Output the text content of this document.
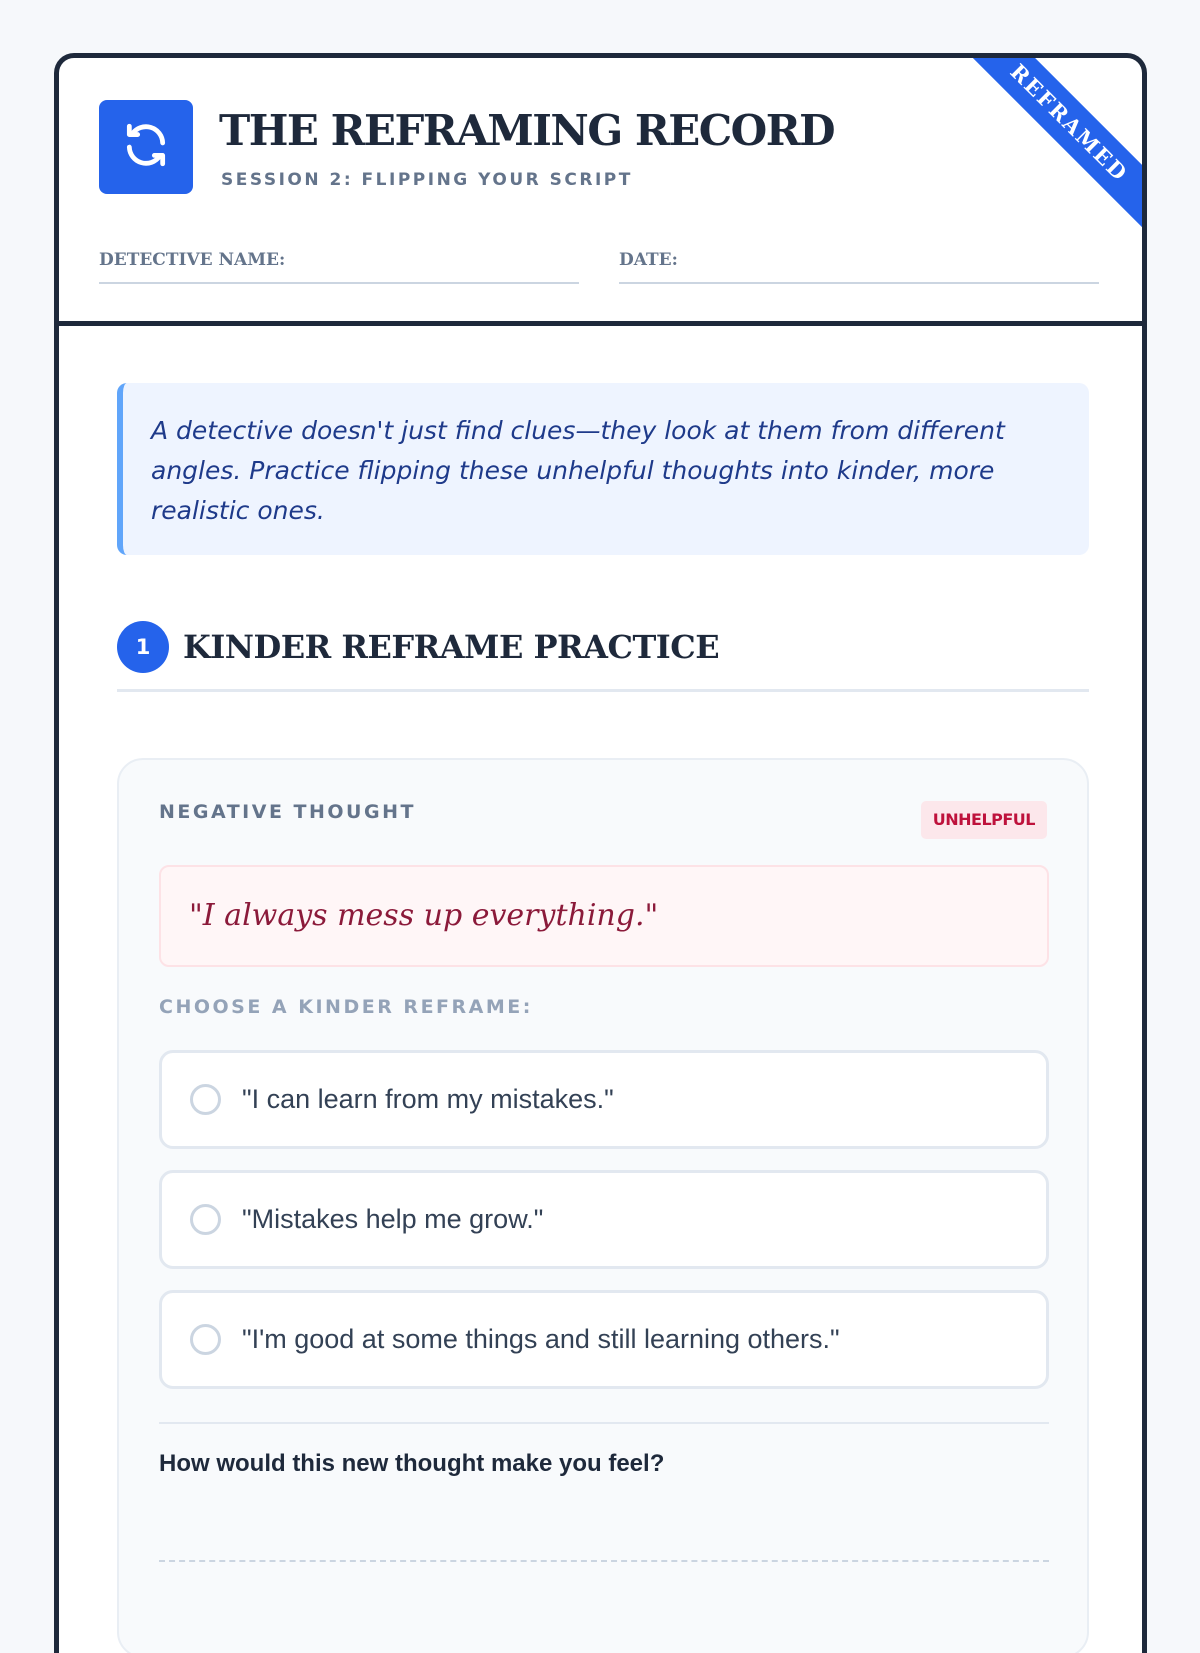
THE REFRAMING RECORD
SESSION 2: FLIPPING YOUR SCRIPT	REFRAMED
DETECTIVE NAME:	DATE:
A detective doesn't just find clues—they look at them from different angles. Practice flipping these unhelpful thoughts into kinder, more realistic ones.
1	KINDER REFRAME PRACTICE
NEGATIVE THOUGHT	UNHELPFUL
"I always mess up everything."
CHOOSE A KINDER REFRAME:
"I can learn from my mistakes."
"Mistakes help me grow."
"I'm good at some things and still learning others."
How would this new thought make you feel?
